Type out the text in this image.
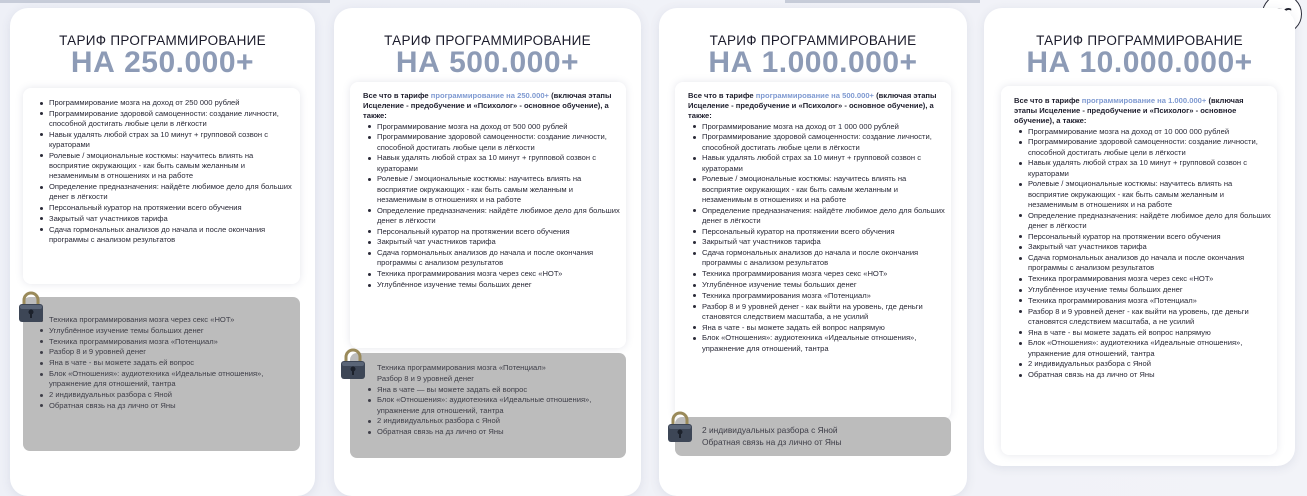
ТАРИФ ПРОГРАММИРОВАНИЕ
НА 250.000+
Программирование мозга на доход от 250 000 рублей
Программирование здоровой самоценности: создание личности, способной достигать любые цели в лёгкости
Навык удалять любой страх за 10 минут + групповой созвон с кураторами
Ролевые / эмоциональные костюмы: научитесь влиять на восприятие окружающих - как быть самым желанным и незаменимым в отношениях и на работе
Определение предназначения: найдёте любимое дело для больших денег в лёгкости
Персональный куратор на протяжении всего обучения
Закрытый чат участников тарифа
Сдача гормональных анализов до начала и после окончания программы с анализом результатов
Техника программирования мозга через секс «НОТ»
Углублённое изучение темы больших денег
Техника программирования мозга «Потенциал»
Разбор 8 и 9 уровней денег
Яна в чате - вы можете задать ей вопрос
Блок «Отношения»: аудиотехника «Идеальные отношения», упражнение для отношений, тантра
2 индивидуальных разбора с Яной
Обратная связь на дз лично от Яны
ТАРИФ ПРОГРАММИРОВАНИЕ
НА 500.000+
Все что в тарифе программирование на 250.000+ (включая этапы Исцеление - предобучение и «Психолог» - основное обучение), а также:
Программирование мозга на доход от 500 000 рублей
Программирование здоровой самоценности: создание личности, способной достигать любые цели в лёгкости
Навык удалять любой страх за 10 минут + групповой созвон с кураторами
Ролевые / эмоциональные костюмы: научитесь влиять на восприятие окружающих - как быть самым желанным и незаменимым в отношениях и на работе
Определение предназначения: найдёте любимое дело для больших денег в лёгкости
Персональный куратор на протяжении всего обучения
Закрытый чат участников тарифа
Сдача гормональных анализов до начала и после окончания программы с анализом результатов
Техника программирования мозга через секс «НОТ»
Углублённое изучение темы больших денег
Техника программирования мозга «Потенциал»
Разбор 8 и 9 уровней денег
Яна в чате — вы можете задать ей вопрос
Блок «Отношения»: аудиотехника «Идеальные отношения», упражнение для отношений, тантра
2 индивидуальных разбора с Яной
Обратная связь на дз лично от Яны
ТАРИФ ПРОГРАММИРОВАНИЕ
НА 1.000.000+
Все что в тарифе программирование на 500.000+ (включая этапы Исцеление - предобучение и «Психолог» - основное обучение), а также:
Программирование мозга на доход от 1 000 000 рублей
Программирование здоровой самоценности: создание личности, способной достигать любые цели в лёгкости
Навык удалять любой страх за 10 минут + групповой созвон с кураторами
Ролевые / эмоциональные костюмы: научитесь влиять на восприятие окружающих - как быть самым желанным и незаменимым в отношениях и на работе
Определение предназначения: найдёте любимое дело для больших денег в лёгкости
Персональный куратор на протяжении всего обучения
Закрытый чат участников тарифа
Сдача гормональных анализов до начала и после окончания программы с анализом результатов
Техника программирования мозга через секс «НОТ»
Углублённое изучение темы больших денег
Техника программирования мозга «Потенциал»
Разбор 8 и 9 уровней денег - как выйти на уровень, где деньги становятся следствием масштаба, а не усилий
Яна в чате - вы можете задать ей вопрос напрямую
Блок «Отношения»: аудиотехника «Идеальные отношения», упражнение для отношений, тантра
2 индивидуальных разбора с Яной
Обратная связь на дз лично от Яны
ТАРИФ ПРОГРАММИРОВАНИЕ
НА 10.000.000+
Все что в тарифе программирование на 1.000.000+ (включая этапы Исцеление - предобучение и «Психолог» - основное обучение), а также:
Программирование мозга на доход от 10 000 000 рублей
Программирование здоровой самоценности: создание личности, способной достигать любые цели в лёгкости
Навык удалять любой страх за 10 минут + групповой созвон с кураторами
Ролевые / эмоциональные костюмы: научитесь влиять на восприятие окружающих - как быть самым желанным и незаменимым в отношениях и на работе
Определение предназначения: найдёте любимое дело для больших денег в лёгкости
Персональный куратор на протяжении всего обучения
Закрытый чат участников тарифа
Сдача гормональных анализов до начала и после окончания программы с анализом результатов
Техника программирования мозга через секс «НОТ»
Углублённое изучение темы больших денег
Техника программирования мозга «Потенциал»
Разбор 8 и 9 уровней денег - как выйти на уровень, где деньги становятся следствием масштаба, а не усилий
Яна в чате - вы можете задать ей вопрос напрямую
Блок «Отношения»: аудиотехника «Идеальные отношения», упражнение для отношений, тантра
2 индивидуальных разбора с Яной
Обратная связь на дз лично от Яны
